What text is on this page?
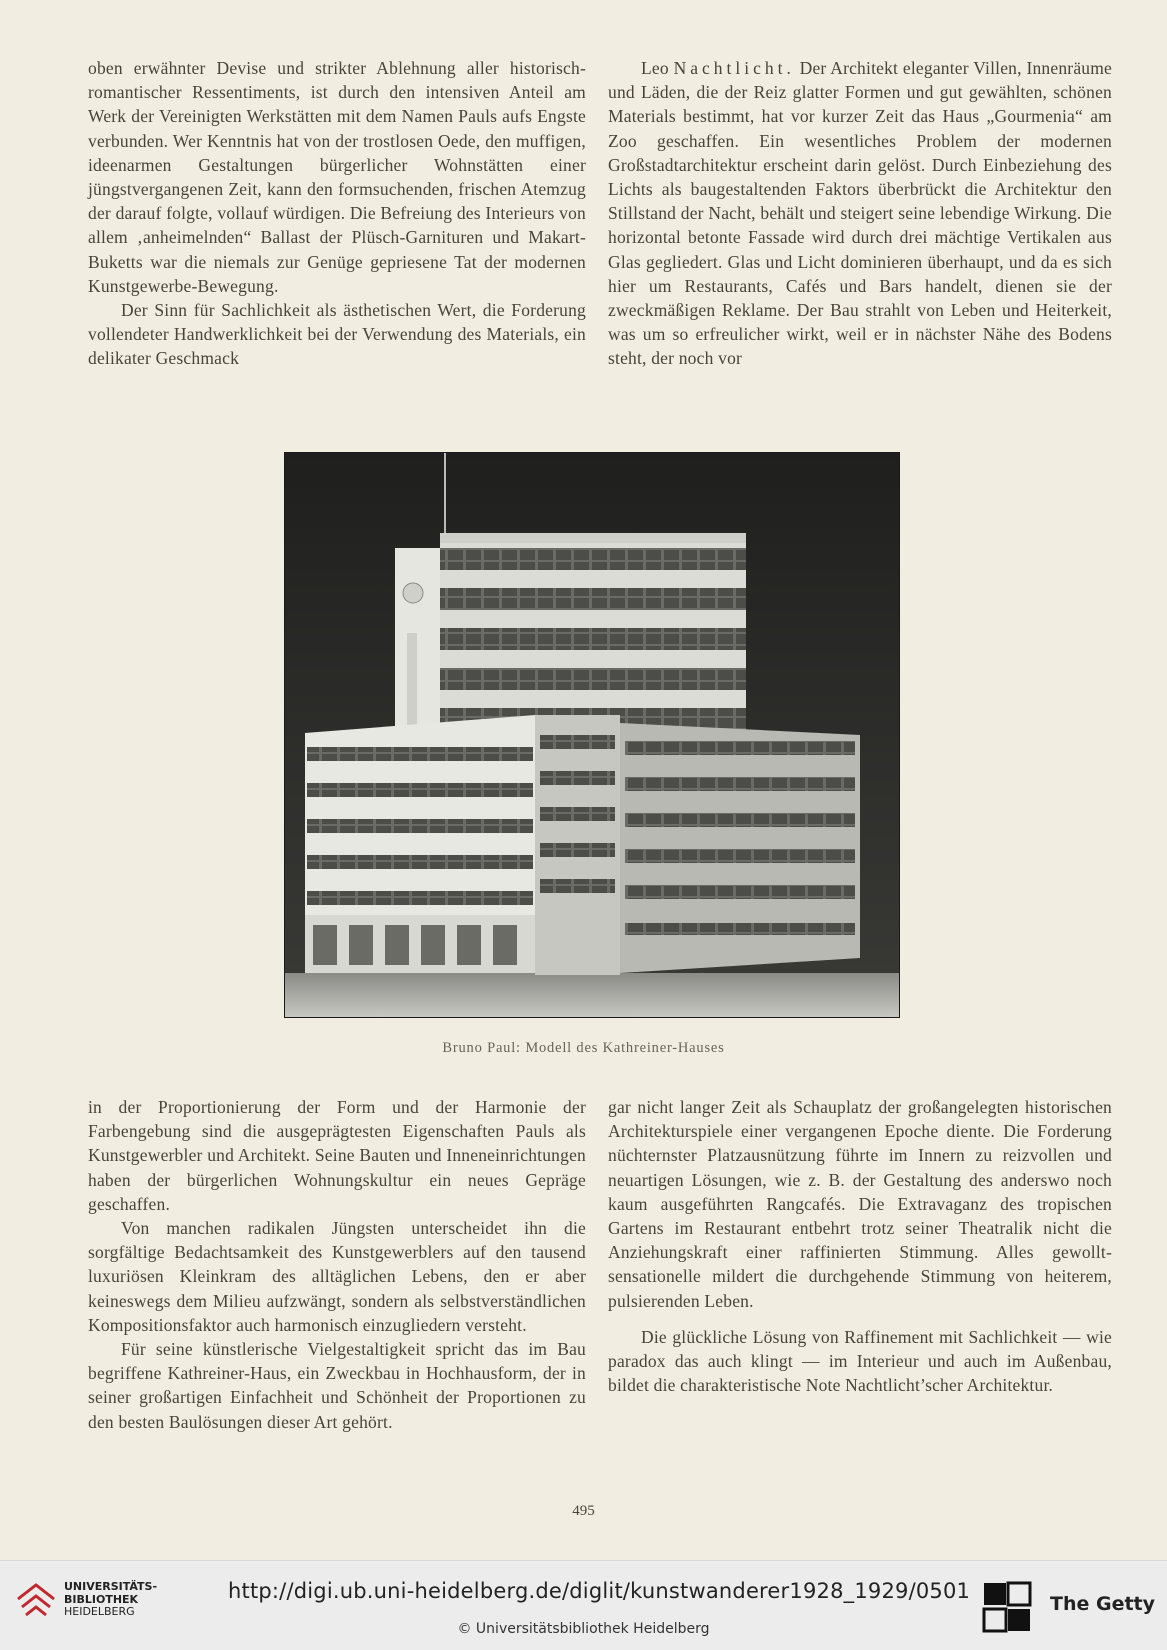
oben erwähnter Devise und strikter Ablehnung aller historisch-romantischer Ressentiments, ist durch den intensiven Anteil am Werk der Vereinigten Werkstätten mit dem Namen Pauls aufs Engste verbunden. Wer Kenntnis hat von der trostlosen Oede, den muffigen, ideenarmen Gestaltungen bürgerlicher Wohnstätten einer jüngstvergangenen Zeit, kann den formsuchenden, frischen Atemzug der darauf folgte, vollauf würdigen. Die Befreiung des Interieurs von allem ‚anheimelnden“ Ballast der Plüsch-Garnituren und Makart-Buketts war die niemals zur Genüge gepriesene Tat der modernen Kunstgewerbe-Bewegung.

Der Sinn für Sachlichkeit als ästhetischen Wert, die Forderung vollendeter Handwerklichkeit bei der Verwendung des Materials, ein delikater Geschmack

Leo Nachtlicht. Der Architekt eleganter Villen, Innenräume und Läden, die der Reiz glatter Formen und gut gewählten, schönen Materials bestimmt, hat vor kurzer Zeit das Haus „Gourmenia“ am Zoo geschaffen. Ein wesentliches Problem der modernen Großstadtarchitektur erscheint darin gelöst. Durch Einbeziehung des Lichts als baugestaltenden Faktors überbrückt die Architektur den Stillstand der Nacht, behält und steigert seine lebendige Wirkung. Die horizontal betonte Fassade wird durch drei mächtige Vertikalen aus Glas gegliedert. Glas und Licht dominieren überhaupt, und da es sich hier um Restaurants, Cafés und Bars handelt, dienen sie der zweckmäßigen Reklame. Der Bau strahlt von Leben und Heiterkeit, was um so erfreulicher wirkt, weil er in nächster Nähe des Bodens steht, der noch vor

Bruno Paul: Modell des Kathreiner-Hauses

in der Proportionierung der Form und der Harmonie der Farbengebung sind die ausgeprägtesten Eigenschaften Pauls als Kunstgewerbler und Architekt. Seine Bauten und Inneneinrichtungen haben der bürgerlichen Wohnungskultur ein neues Gepräge geschaffen.

Von manchen radikalen Jüngsten unterscheidet ihn die sorgfältige Bedachtsamkeit des Kunstgewerblers auf den tausend luxuriösen Kleinkram des alltäglichen Lebens, den er aber keineswegs dem Milieu aufzwängt, sondern als selbstverständlichen Kompositionsfaktor auch harmonisch einzugliedern versteht.

Für seine künstlerische Vielgestaltigkeit spricht das im Bau begriffene Kathreiner-Haus, ein Zweckbau in Hochhausform, der in seiner großartigen Einfachheit und Schönheit der Proportionen zu den besten Baulösungen dieser Art gehört.

gar nicht langer Zeit als Schauplatz der großangelegten historischen Architekturspiele einer vergangenen Epoche diente. Die Forderung nüchternster Platzausnützung führte im Innern zu reizvollen und neuartigen Lösungen, wie z. B. der Gestaltung des anderswo noch kaum ausgeführten Rangcafés. Die Extravaganz des tropischen Gartens im Restaurant entbehrt trotz seiner Theatralik nicht die Anziehungskraft einer raffinierten Stimmung. Alles gewollt-sensationelle mildert die durchgehende Stimmung von heiterem, pulsierenden Leben.

Die glückliche Lösung von Raffinement mit Sachlichkeit — wie paradox das auch klingt — im Interieur und auch im Außenbau, bildet die charakteristische Note Nachtlicht’scher Architektur.

495
UNIVERSITÄTS-
BIBLIOTHEK
HEIDELBERG
http://digi.ub.uni-heidelberg.de/diglit/kunstwanderer1928_1929/0501
© Universitätsbibliothek Heidelberg
The Getty
